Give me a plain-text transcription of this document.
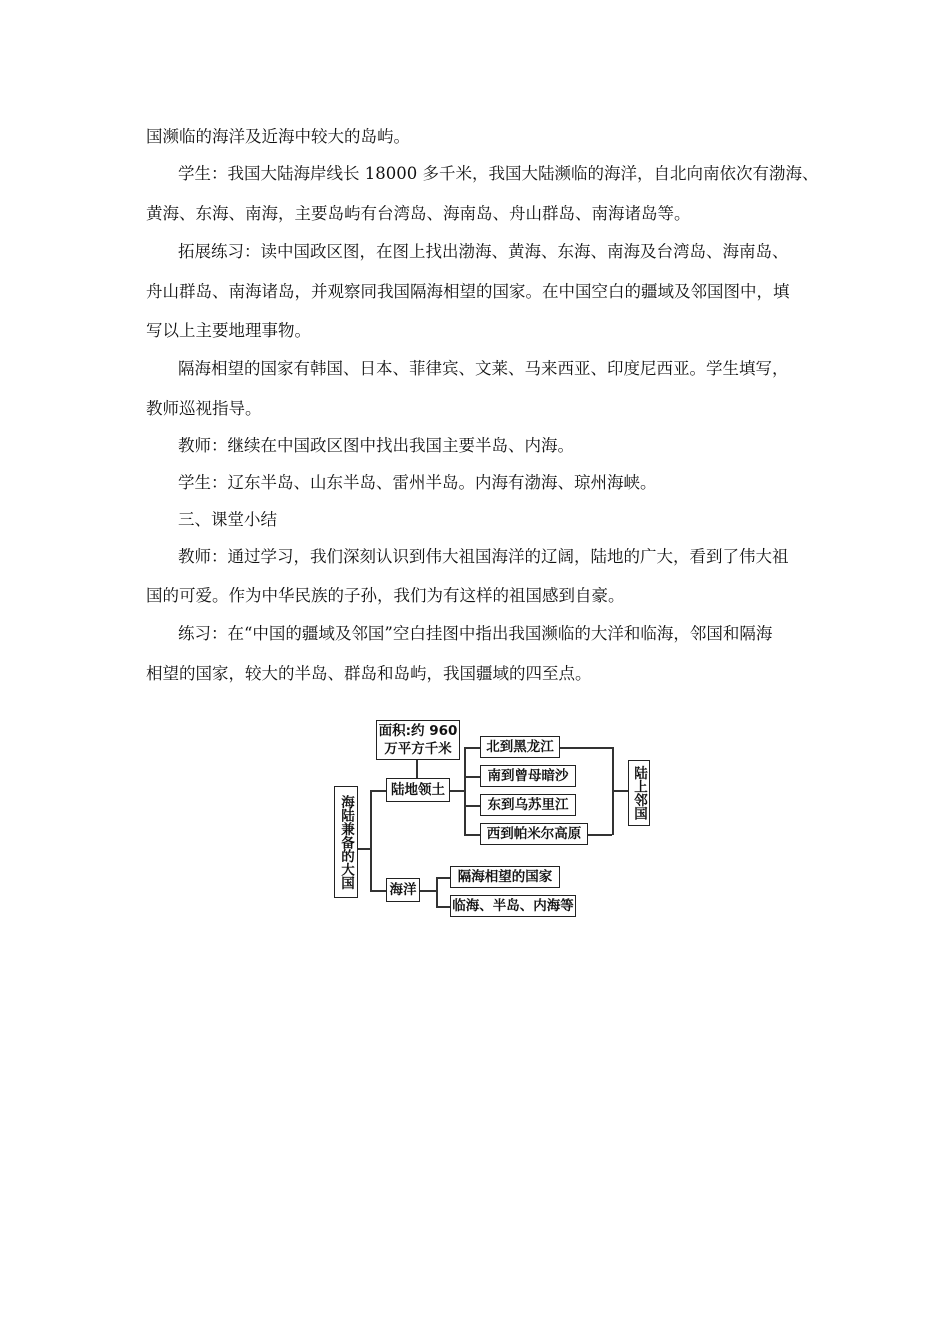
国濒临的海洋及近海中较大的岛屿。
学生：我国大陆海岸线长 18000 多千米，我国大陆濒临的海洋，自北向南依次有渤海、
黄海、东海、南海，主要岛屿有台湾岛、海南岛、舟山群岛、南海诸岛等。
拓展练习：读中国政区图，在图上找出渤海、黄海、东海、南海及台湾岛、海南岛、
舟山群岛、南海诸岛，并观察同我国隔海相望的国家。在中国空白的疆域及邻国图中，填
写以上主要地理事物。
隔海相望的国家有韩国、日本、菲律宾、文莱、马来西亚、印度尼西亚。学生填写，
教师巡视指导。
教师：继续在中国政区图中找出我国主要半岛、内海。
学生：辽东半岛、山东半岛、雷州半岛。内海有渤海、琼州海峡。
三、课堂小结
教师：通过学习，我们深刻认识到伟大祖国海洋的辽阔，陆地的广大，看到了伟大祖
国的可爱。作为中华民族的子孙，我们为有这样的祖国感到自豪。
练习：在“中国的疆域及邻国”空白挂图中指出我国濒临的大洋和临海，邻国和隔海
相望的国家，较大的半岛、群岛和岛屿，我国疆域的四至点。
海陆兼备的大国
面积:约 960
万平方千米
陆地领土
北到黑龙江
南到曾母暗沙
东到乌苏里江
西到帕米尔高原
陆上邻国
海洋
隔海相望的国家
临海、半岛、内海等
